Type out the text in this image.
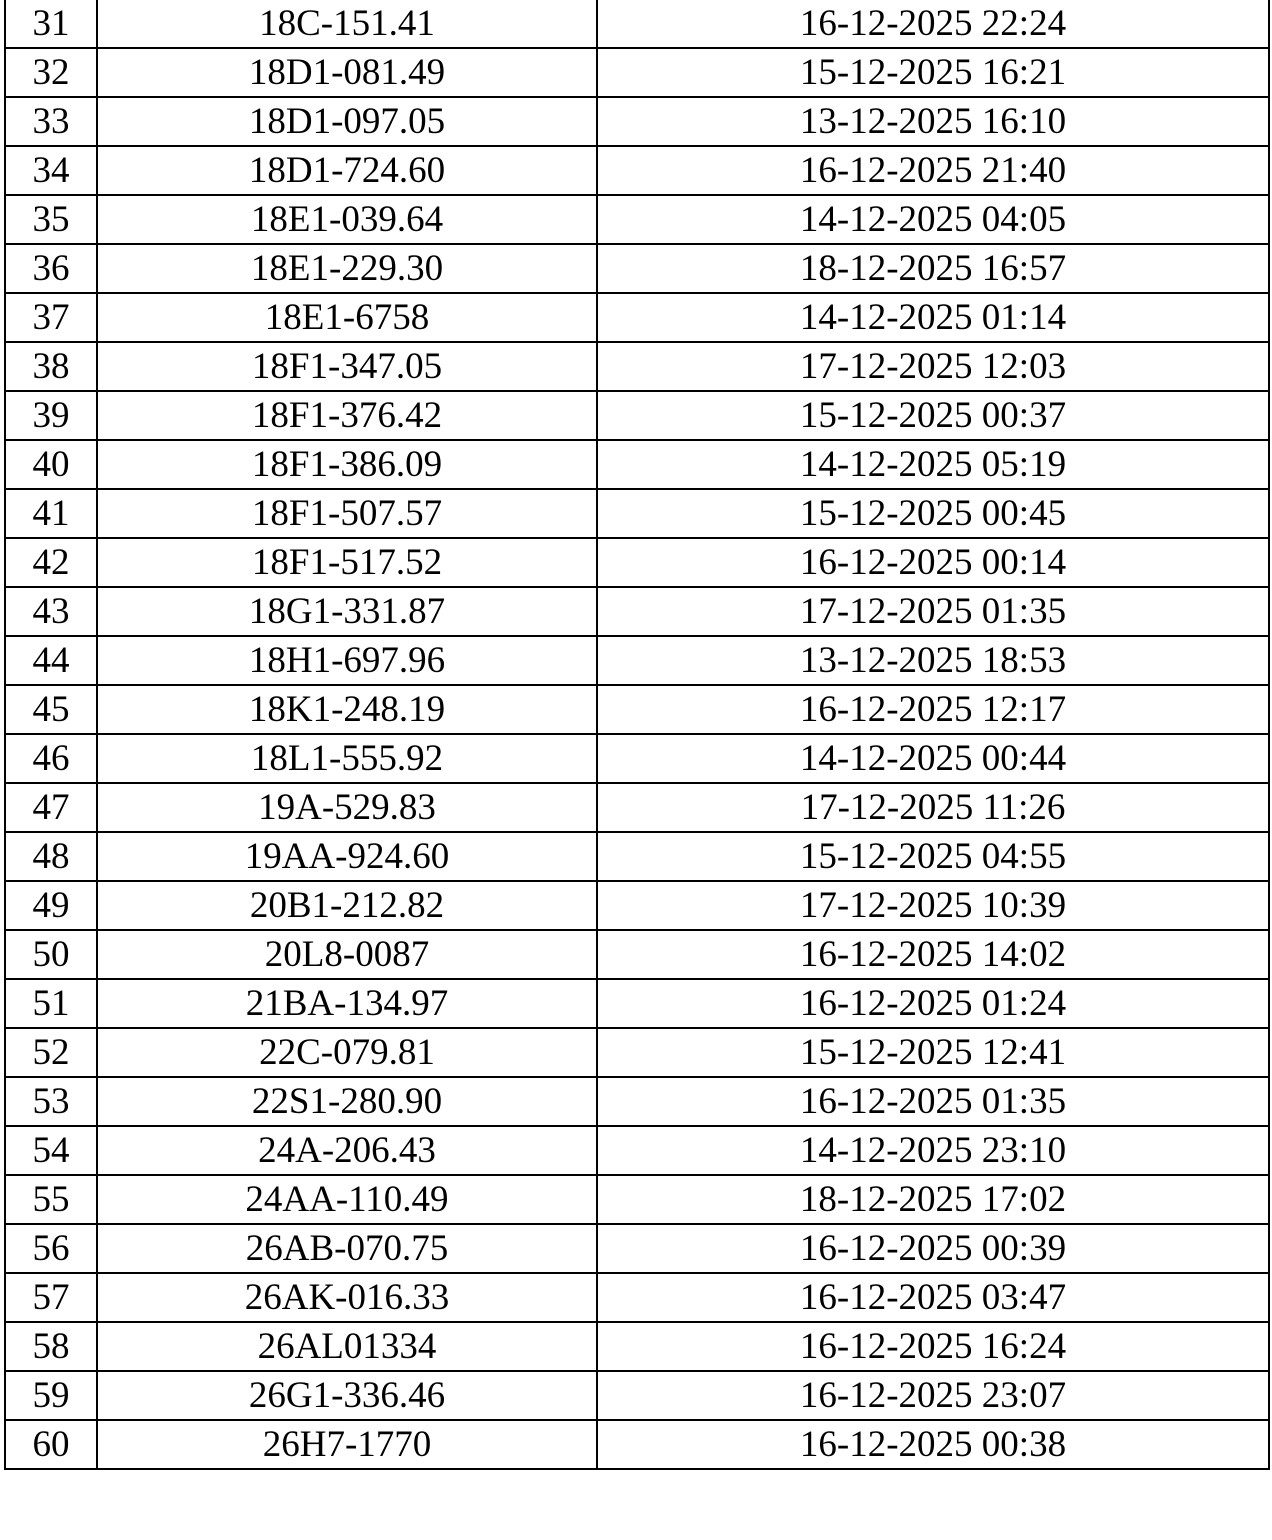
31	18C-151.41	16-12-2025 22:24
32	18D1-081.49	15-12-2025 16:21
33	18D1-097.05	13-12-2025 16:10
34	18D1-724.60	16-12-2025 21:40
35	18E1-039.64	14-12-2025 04:05
36	18E1-229.30	18-12-2025 16:57
37	18E1-6758	14-12-2025 01:14
38	18F1-347.05	17-12-2025 12:03
39	18F1-376.42	15-12-2025 00:37
40	18F1-386.09	14-12-2025 05:19
41	18F1-507.57	15-12-2025 00:45
42	18F1-517.52	16-12-2025 00:14
43	18G1-331.87	17-12-2025 01:35
44	18H1-697.96	13-12-2025 18:53
45	18K1-248.19	16-12-2025 12:17
46	18L1-555.92	14-12-2025 00:44
47	19A-529.83	17-12-2025 11:26
48	19AA-924.60	15-12-2025 04:55
49	20B1-212.82	17-12-2025 10:39
50	20L8-0087	16-12-2025 14:02
51	21BA-134.97	16-12-2025 01:24
52	22C-079.81	15-12-2025 12:41
53	22S1-280.90	16-12-2025 01:35
54	24A-206.43	14-12-2025 23:10
55	24AA-110.49	18-12-2025 17:02
56	26AB-070.75	16-12-2025 00:39
57	26AK-016.33	16-12-2025 03:47
58	26AL01334	16-12-2025 16:24
59	26G1-336.46	16-12-2025 23:07
60	26H7-1770	16-12-2025 00:38
